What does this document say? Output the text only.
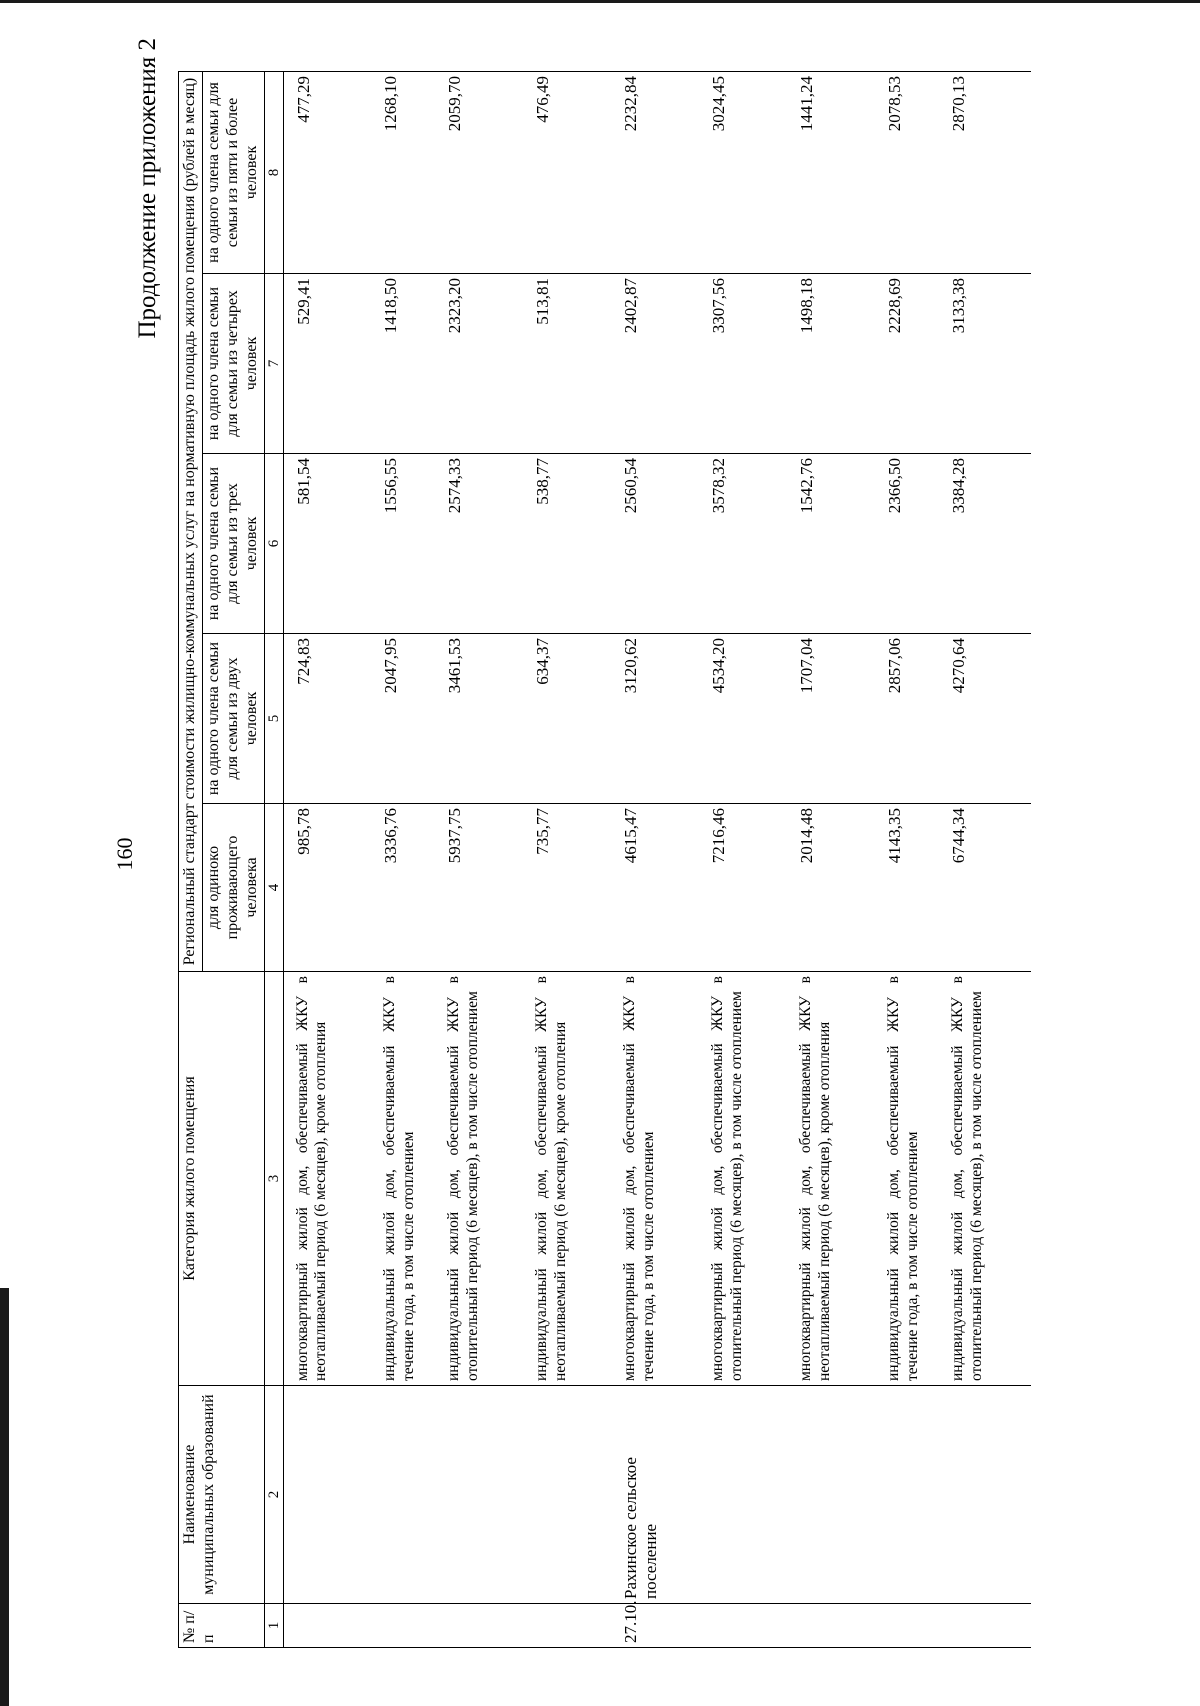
160
Продолжение приложения 2
№ п/п	Наименование муниципальных образований	Категория жилого помещения	Региональный стандарт стоимости жилищно-коммунальных услуг на нормативную площадь жилого помещения (рублей в месяц)				
			для одиноко проживающего человека	на одного члена семьи для семьи из двух человек	на одного члена семьи для семьи из трех человек	на одного члена семьи для семьи из четырех человек	на одного члена семьи для семьи из пяти и более человек
1	2	3	4	5	6	7	8
		многоквартирный жилой дом, обеспечиваемый ЖКУ в неотапливаемый период (6 месяцев), кроме отопления	985,78	724,83	581,54	529,41	477,29
		индивидуальный жилой дом, обеспечиваемый ЖКУ в течение года, в том числе отоплением	3336,76	2047,95	1556,55	1418,50	1268,10
		индивидуальный жилой дом, обеспечиваемый ЖКУ в отопительный период (6 месяцев), в том числе отоплением	5937,75	3461,53	2574,33	2323,20	2059,70
		индивидуальный жилой дом, обеспечиваемый ЖКУ в неотапливаемый период (6 месяцев), кроме отопления	735,77	634,37	538,77	513,81	476,49
27.10.	Рахинское сельское поселение	многоквартирный жилой дом, обеспечиваемый ЖКУ в течение года, в том числе отоплением	4615,47	3120,62	2560,54	2402,87	2232,84
		многоквартирный жилой дом, обеспечиваемый ЖКУ в отопительный период (6 месяцев), в том числе отоплением	7216,46	4534,20	3578,32	3307,56	3024,45
		многоквартирный жилой дом, обеспечиваемый ЖКУ в неотапливаемый период (6 месяцев), кроме отопления	2014,48	1707,04	1542,76	1498,18	1441,24
		индивидуальный жилой дом, обеспечиваемый ЖКУ в течение года, в том числе отоплением	4143,35	2857,06	2366,50	2228,69	2078,53
		индивидуальный жилой дом, обеспечиваемый ЖКУ в отопительный период (6 месяцев), в том числе отоплением	6744,34	4270,64	3384,28	3133,38	2870,13
